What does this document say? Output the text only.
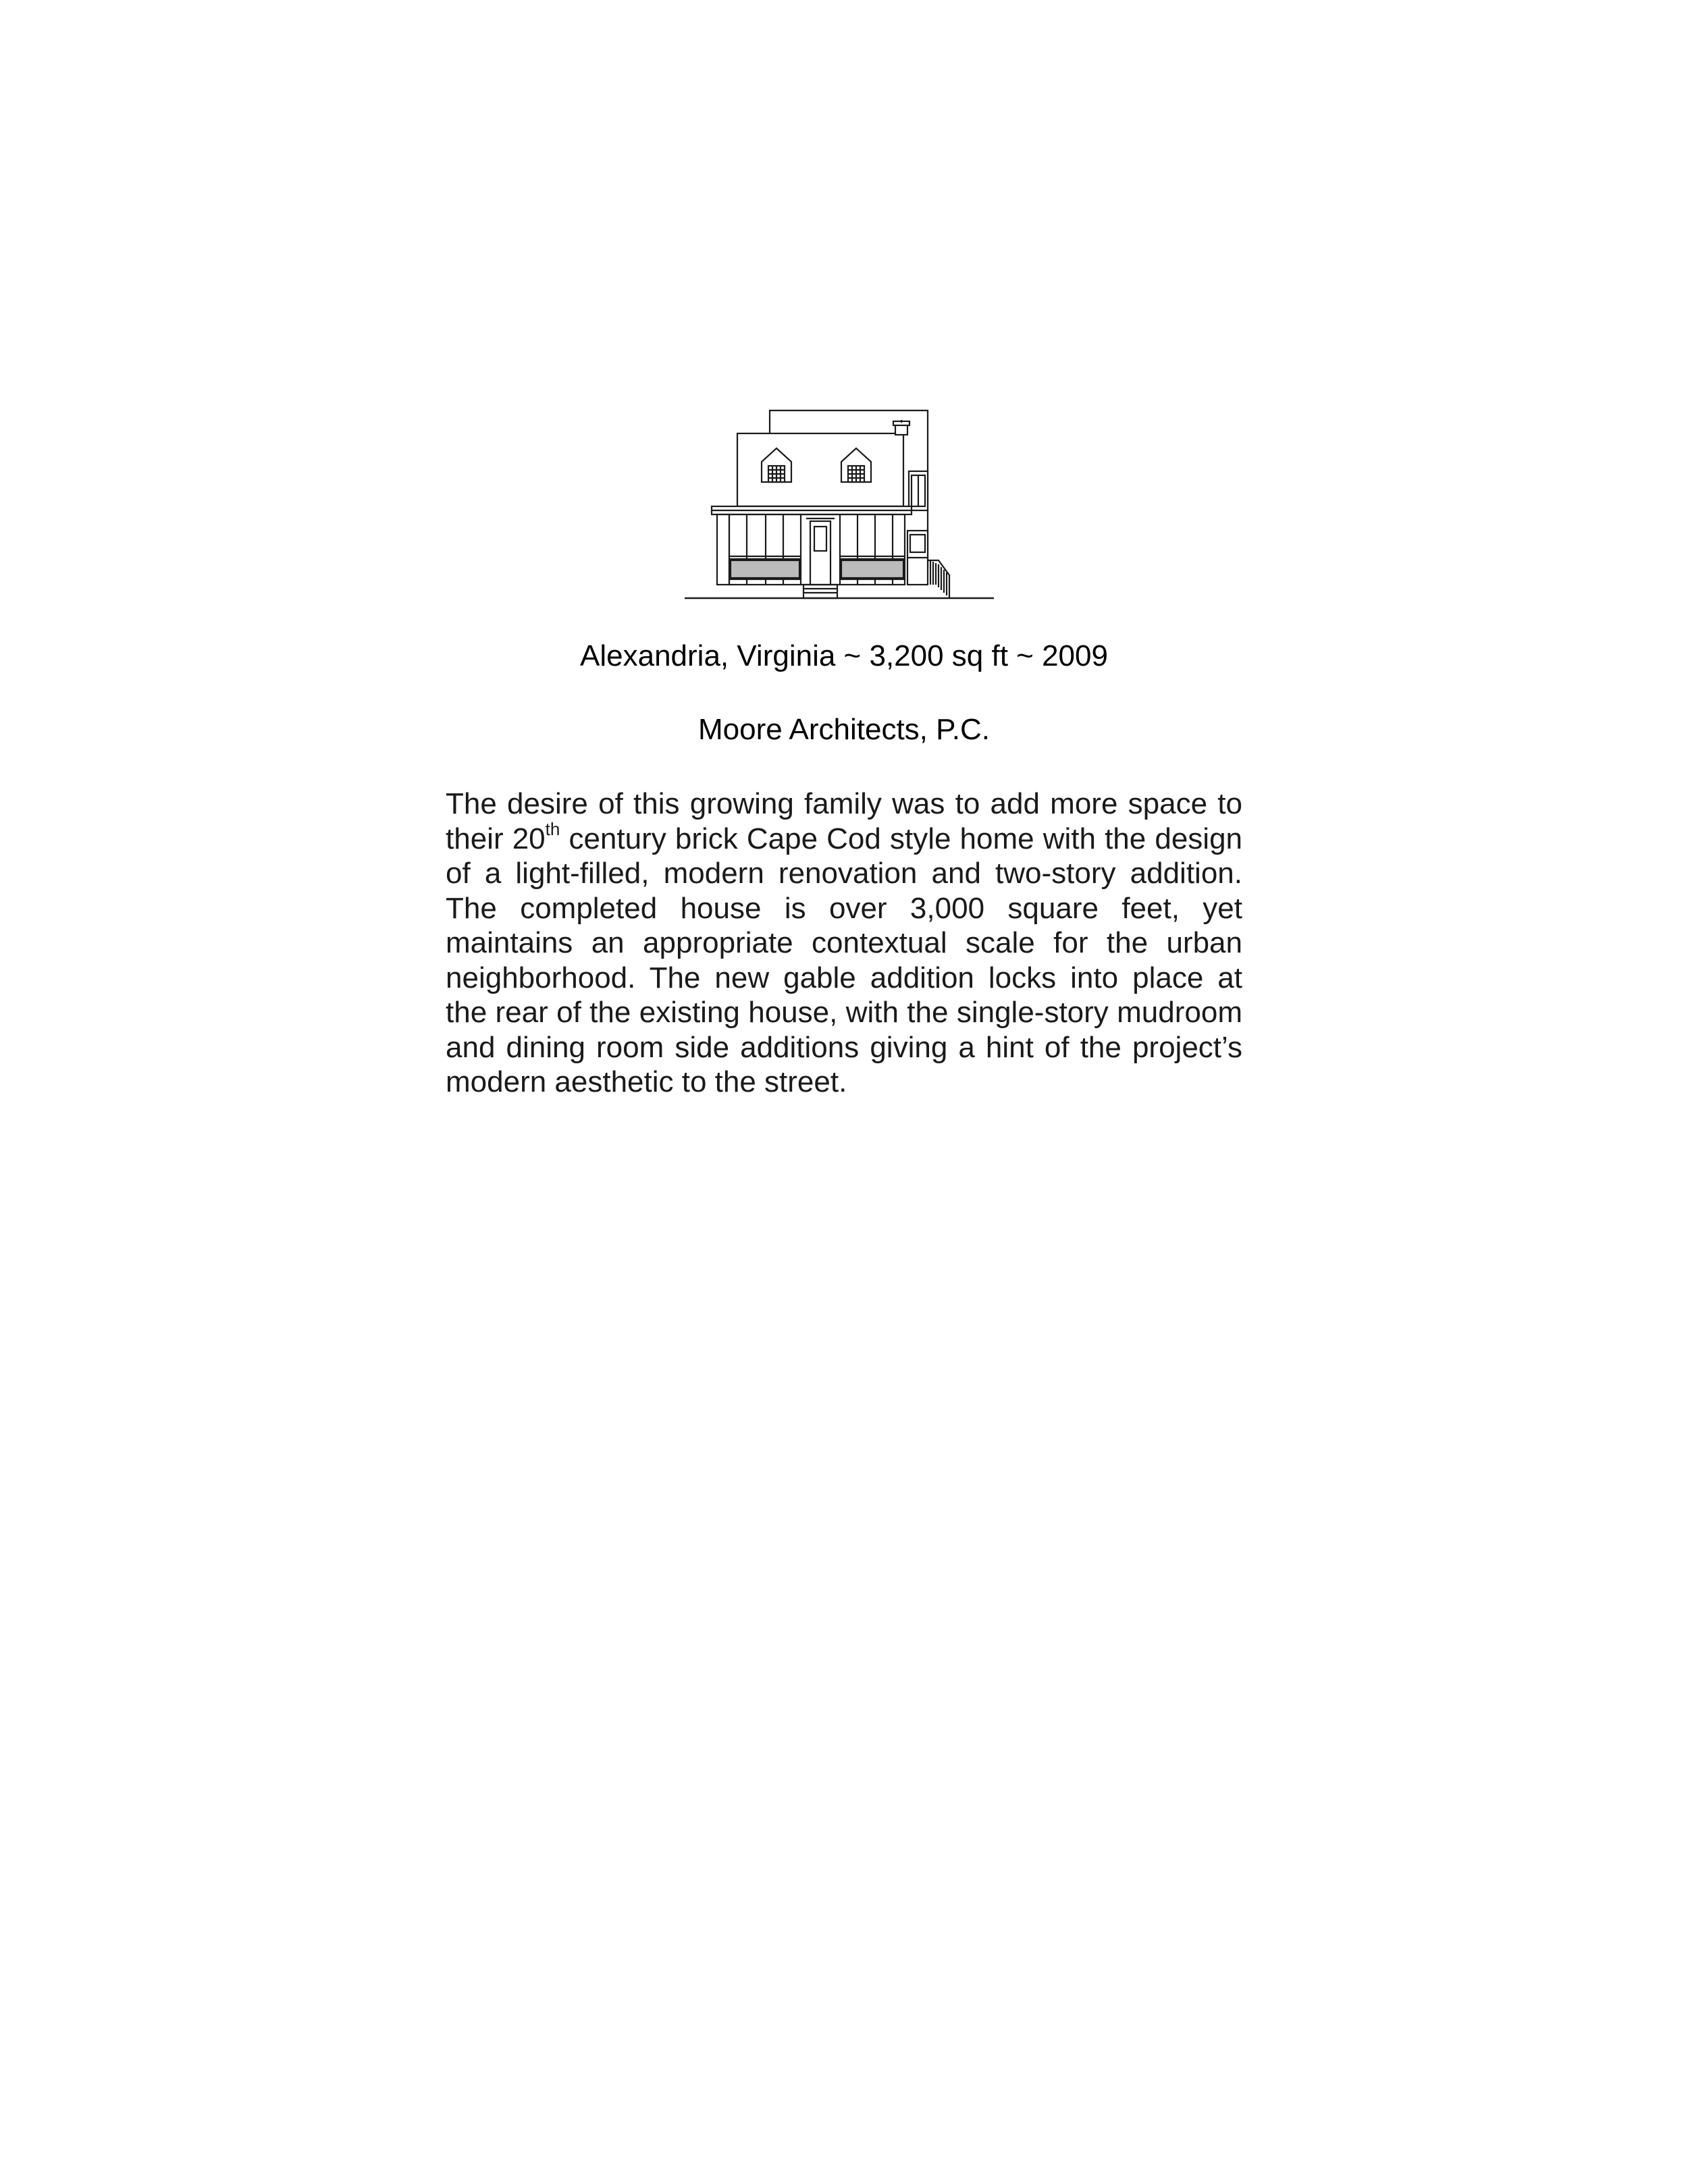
Alexandria, Virginia ~ 3,200 sq ft ~ 2009
Moore Architects, P.C.

The desire of this growing family was to add more space to their 20th century brick Cape Cod style home with the design of a light-filled, modern renovation and two-story addition. The completed house is over 3,000 square feet, yet maintains an appropriate contextual scale for the urban neighborhood. The new gable addition locks into place at the rear of the existing house, with the single-story mudroom and dining room side additions giving a hint of the project’s modern aesthetic to the street.
